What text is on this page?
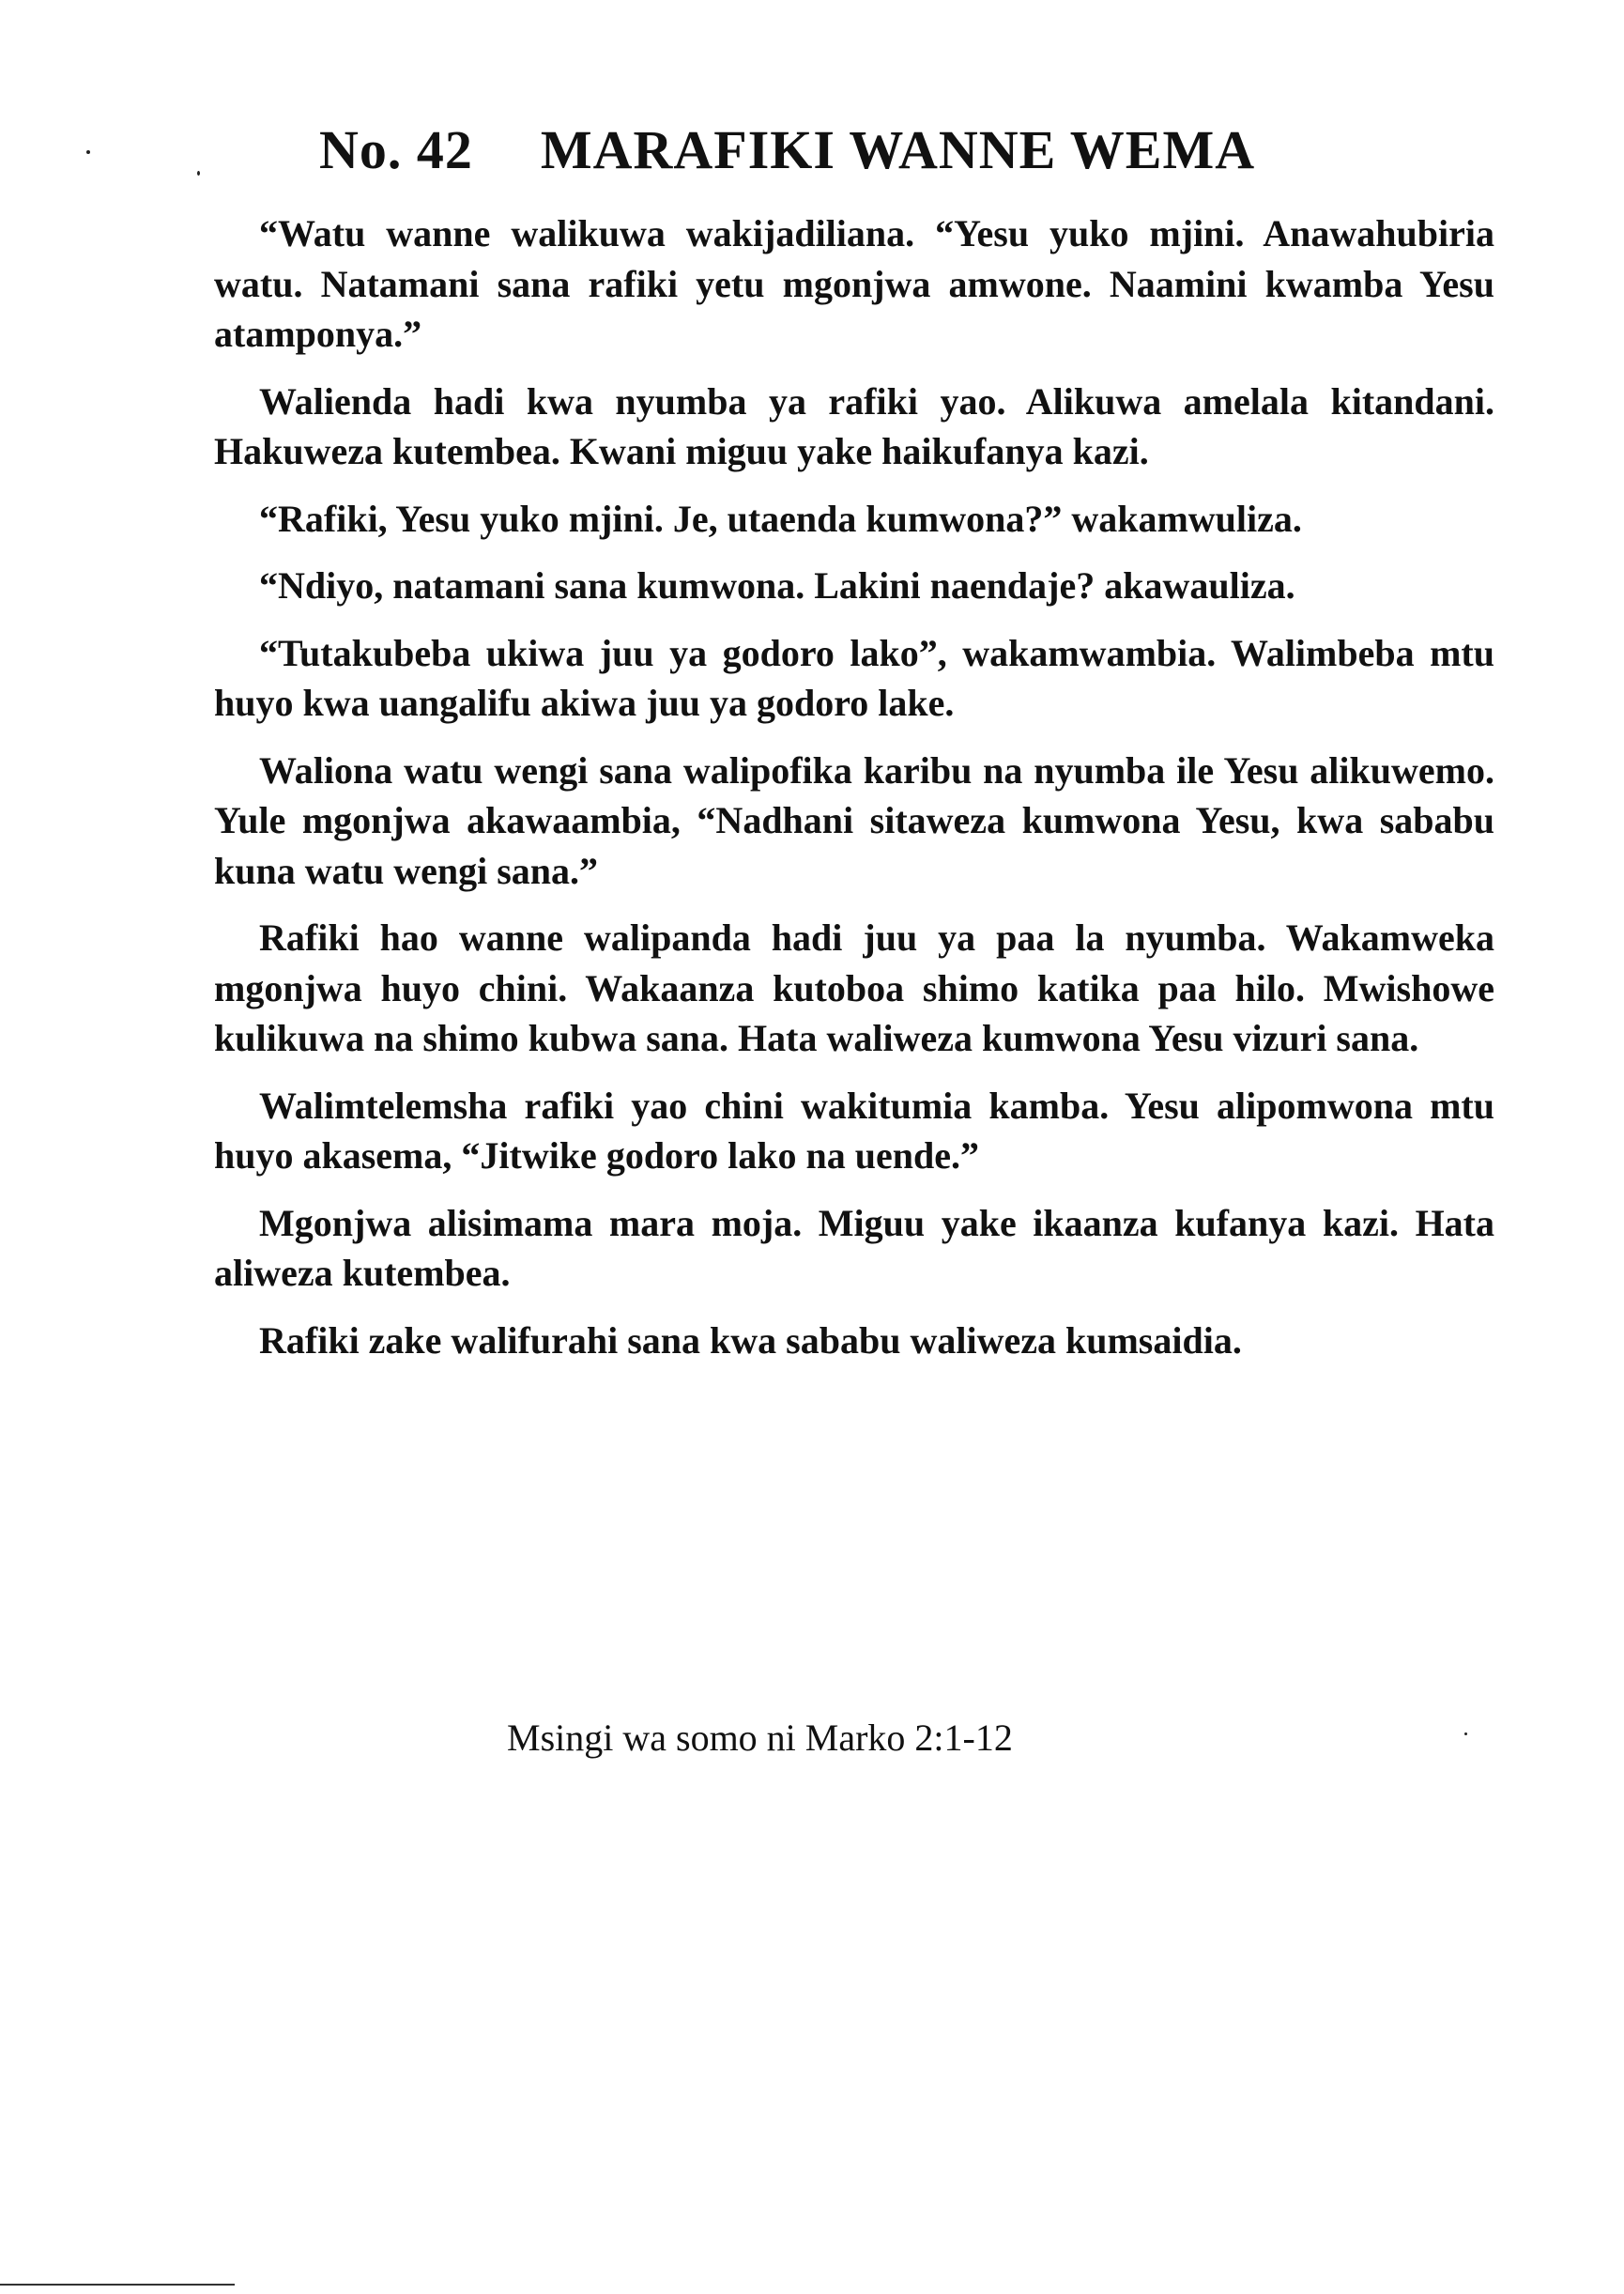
No. 42 MARAFIKI WANNE WEMA

“Watu wanne walikuwa wakijadiliana. “Yesu yuko mjini. Anawahubiria watu. Natamani sana rafiki yetu mgonjwa amwone. Naamini kwamba Yesu atamponya.”

Walienda hadi kwa nyumba ya rafiki yao. Alikuwa amelala kitandani. Hakuweza kutembea. Kwani miguu yake haikufanya kazi.

“Rafiki, Yesu yuko mjini. Je, utaenda kumwona?” wakamwuliza.

“Ndiyo, natamani sana kumwona. Lakini naendaje? akawauliza.

“Tutakubeba ukiwa juu ya godoro lako”, wakamwambia. Walimbeba mtu huyo kwa uangalifu akiwa juu ya godoro lake.

Waliona watu wengi sana walipofika karibu na nyumba ile Yesu alikuwemo. Yule mgonjwa akawaambia, “Nadhani sitaweza kumwona Yesu, kwa sababu kuna watu wengi sana.”

Rafiki hao wanne walipanda hadi juu ya paa la nyumba. Wakamweka mgonjwa huyo chini. Wakaanza kutoboa shimo katika paa hilo. Mwishowe kulikuwa na shimo kubwa sana. Hata waliweza kumwona Yesu vizuri sana.

Walimtelemsha rafiki yao chini wakitumia kamba. Yesu alipomwona mtu huyo akasema, “Jitwike godoro lako na uende.”

Mgonjwa alisimama mara moja. Miguu yake ikaanza kufanya kazi. Hata aliweza kutembea.

Rafiki zake walifurahi sana kwa sababu waliweza kumsaidia.

Msingi wa somo ni Marko 2:1-12
